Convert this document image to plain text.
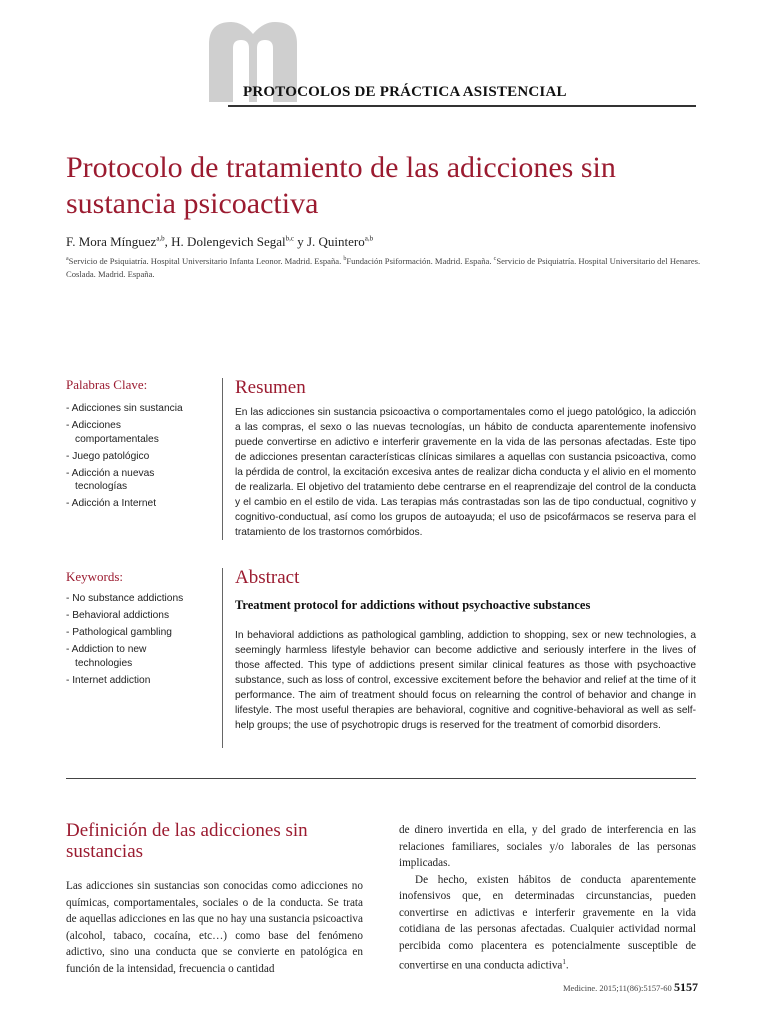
PROTOCOLOS DE PRÁCTICA ASISTENCIAL
Protocolo de tratamiento de las adicciones sin sustancia psicoactiva
F. Mora Mínguez$^{a,b}$, H. Dolengevich Segal$^{b,c}$ y J. Quintero$^{a,b}$
$^a$Servicio de Psiquiatría. Hospital Universitario Infanta Leonor. Madrid. España. $^b$Fundación Psiformación. Madrid. España. $^c$Servicio de Psiquiatría. Hospital Universitario del Henares. Coslada. Madrid. España.
Palabras Clave:
- Adicciones sin sustancia
- Adicciones comportamentales
- Juego patológico
- Adicción a nuevas tecnologías
- Adicción a Internet
Keywords:
- No substance addictions
- Behavioral addictions
- Pathological gambling
- Addiction to new technologies
- Internet addiction
Resumen

En las adicciones sin sustancia psicoactiva o comportamentales como el juego patológico, la adicción a las compras, el sexo o las nuevas tecnologías, un hábito de conducta aparentemente inofensivo puede convertirse en adictivo e interferir gravemente en la vida de las personas afectadas. Este tipo de adicciones presentan características clínicas similares a aquellas con sustancia psicoactiva, como la pérdida de control, la excitación excesiva antes de realizar dicha conducta y el alivio en el momento de realizarla. El objetivo del tratamiento debe centrarse en el reaprendizaje del control de la conducta y el cambio en el estilo de vida. Las terapias más contrastadas son las de tipo conductual, cognitivo y cognitivo-conductual, así como los grupos de autoayuda; el uso de psicofármacos se reserva para el tratamiento de los trastornos comórbidos.

Abstract
Treatment protocol for addictions without psychoactive substances

In behavioral addictions as pathological gambling, addiction to shopping, sex or new technologies, a seemingly harmless lifestyle behavior can become addictive and seriously interfere in the lives of those affected. This type of addictions present similar clinical features as those with psychoactive substance, such as loss of control, excessive excitement before the behavior and relief at the time of it performance. The aim of treatment should focus on relearning the control of behavior and change in lifestyle. The most useful therapies are behavioral, cognitive and cognitive-behavioral as well as self-help groups; the use of psychotropic drugs is reserved for the treatment of comorbid disorders.

Definición de las adicciones sin sustancias

Las adicciones sin sustancias son conocidas como adicciones no químicas, comportamentales, sociales o de la conducta. Se trata de aquellas adicciones en las que no hay una sustancia psicoactiva (alcohol, tabaco, cocaína, etc…) como base del fenómeno adictivo, sino una conducta que se convierte en patológica en función de la intensidad, frecuencia o cantidad

de dinero invertida en ella, y del grado de interferencia en las relaciones familiares, sociales y/o laborales de las personas implicadas.

De hecho, existen hábitos de conducta aparentemente inofensivos que, en determinadas circunstancias, pueden convertirse en adictivas e interferir gravemente en la vida cotidiana de las personas afectadas. Cualquier actividad normal percibida como placentera es potencialmente susceptible de convertirse en una conducta adictiva$^1$.

Medicine. 2015;11(86):5157-60 5157
